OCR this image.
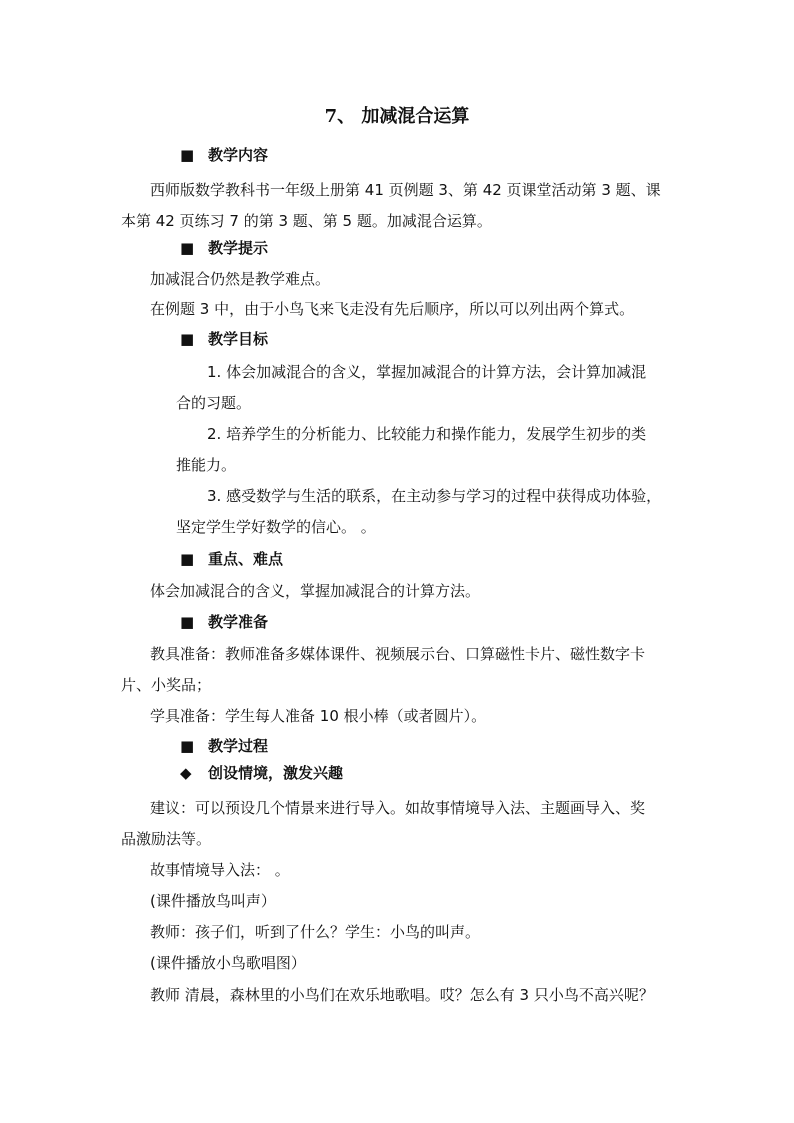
7、 加减混合运算
■ 教学内容
西师版数学教科书一年级上册第 41 页例题 3、第 42 页课堂活动第 3 题、课
本第 42 页练习 7 的第 3 题、第 5 题。加减混合运算。
■ 教学提示
加减混合仍然是教学难点。
在例题 3 中，由于小鸟飞来飞走没有先后顺序，所以可以列出两个算式。
■ 教学目标
1. 体会加减混合的含义，掌握加减混合的计算方法，会计算加减混
合的习题。
2. 培养学生的分析能力、比较能力和操作能力，发展学生初步的类
推能力。
3. 感受数学与生活的联系，在主动参与学习的过程中获得成功体验，
坚定学生学好数学的信心。 。
■ 重点、难点
体会加减混合的含义，掌握加减混合的计算方法。
■ 教学准备
教具准备：教师准备多媒体课件、视频展示台、口算磁性卡片、磁性数字卡
片、小奖品；
学具准备：学生每人准备 10 根小棒（或者圆片）。
■ 教学过程
◆ 创设情境，激发兴趣
建议：可以预设几个情景来进行导入。如故事情境导入法、主题画导入、奖
品激励法等。
故事情境导入法： 。
(课件播放鸟叫声）
教师：孩子们，听到了什么？学生：小鸟的叫声。
(课件播放小鸟歌唱图）
教师 清晨，森林里的小鸟们在欢乐地歌唱。哎？怎么有 3 只小鸟不高兴呢？
